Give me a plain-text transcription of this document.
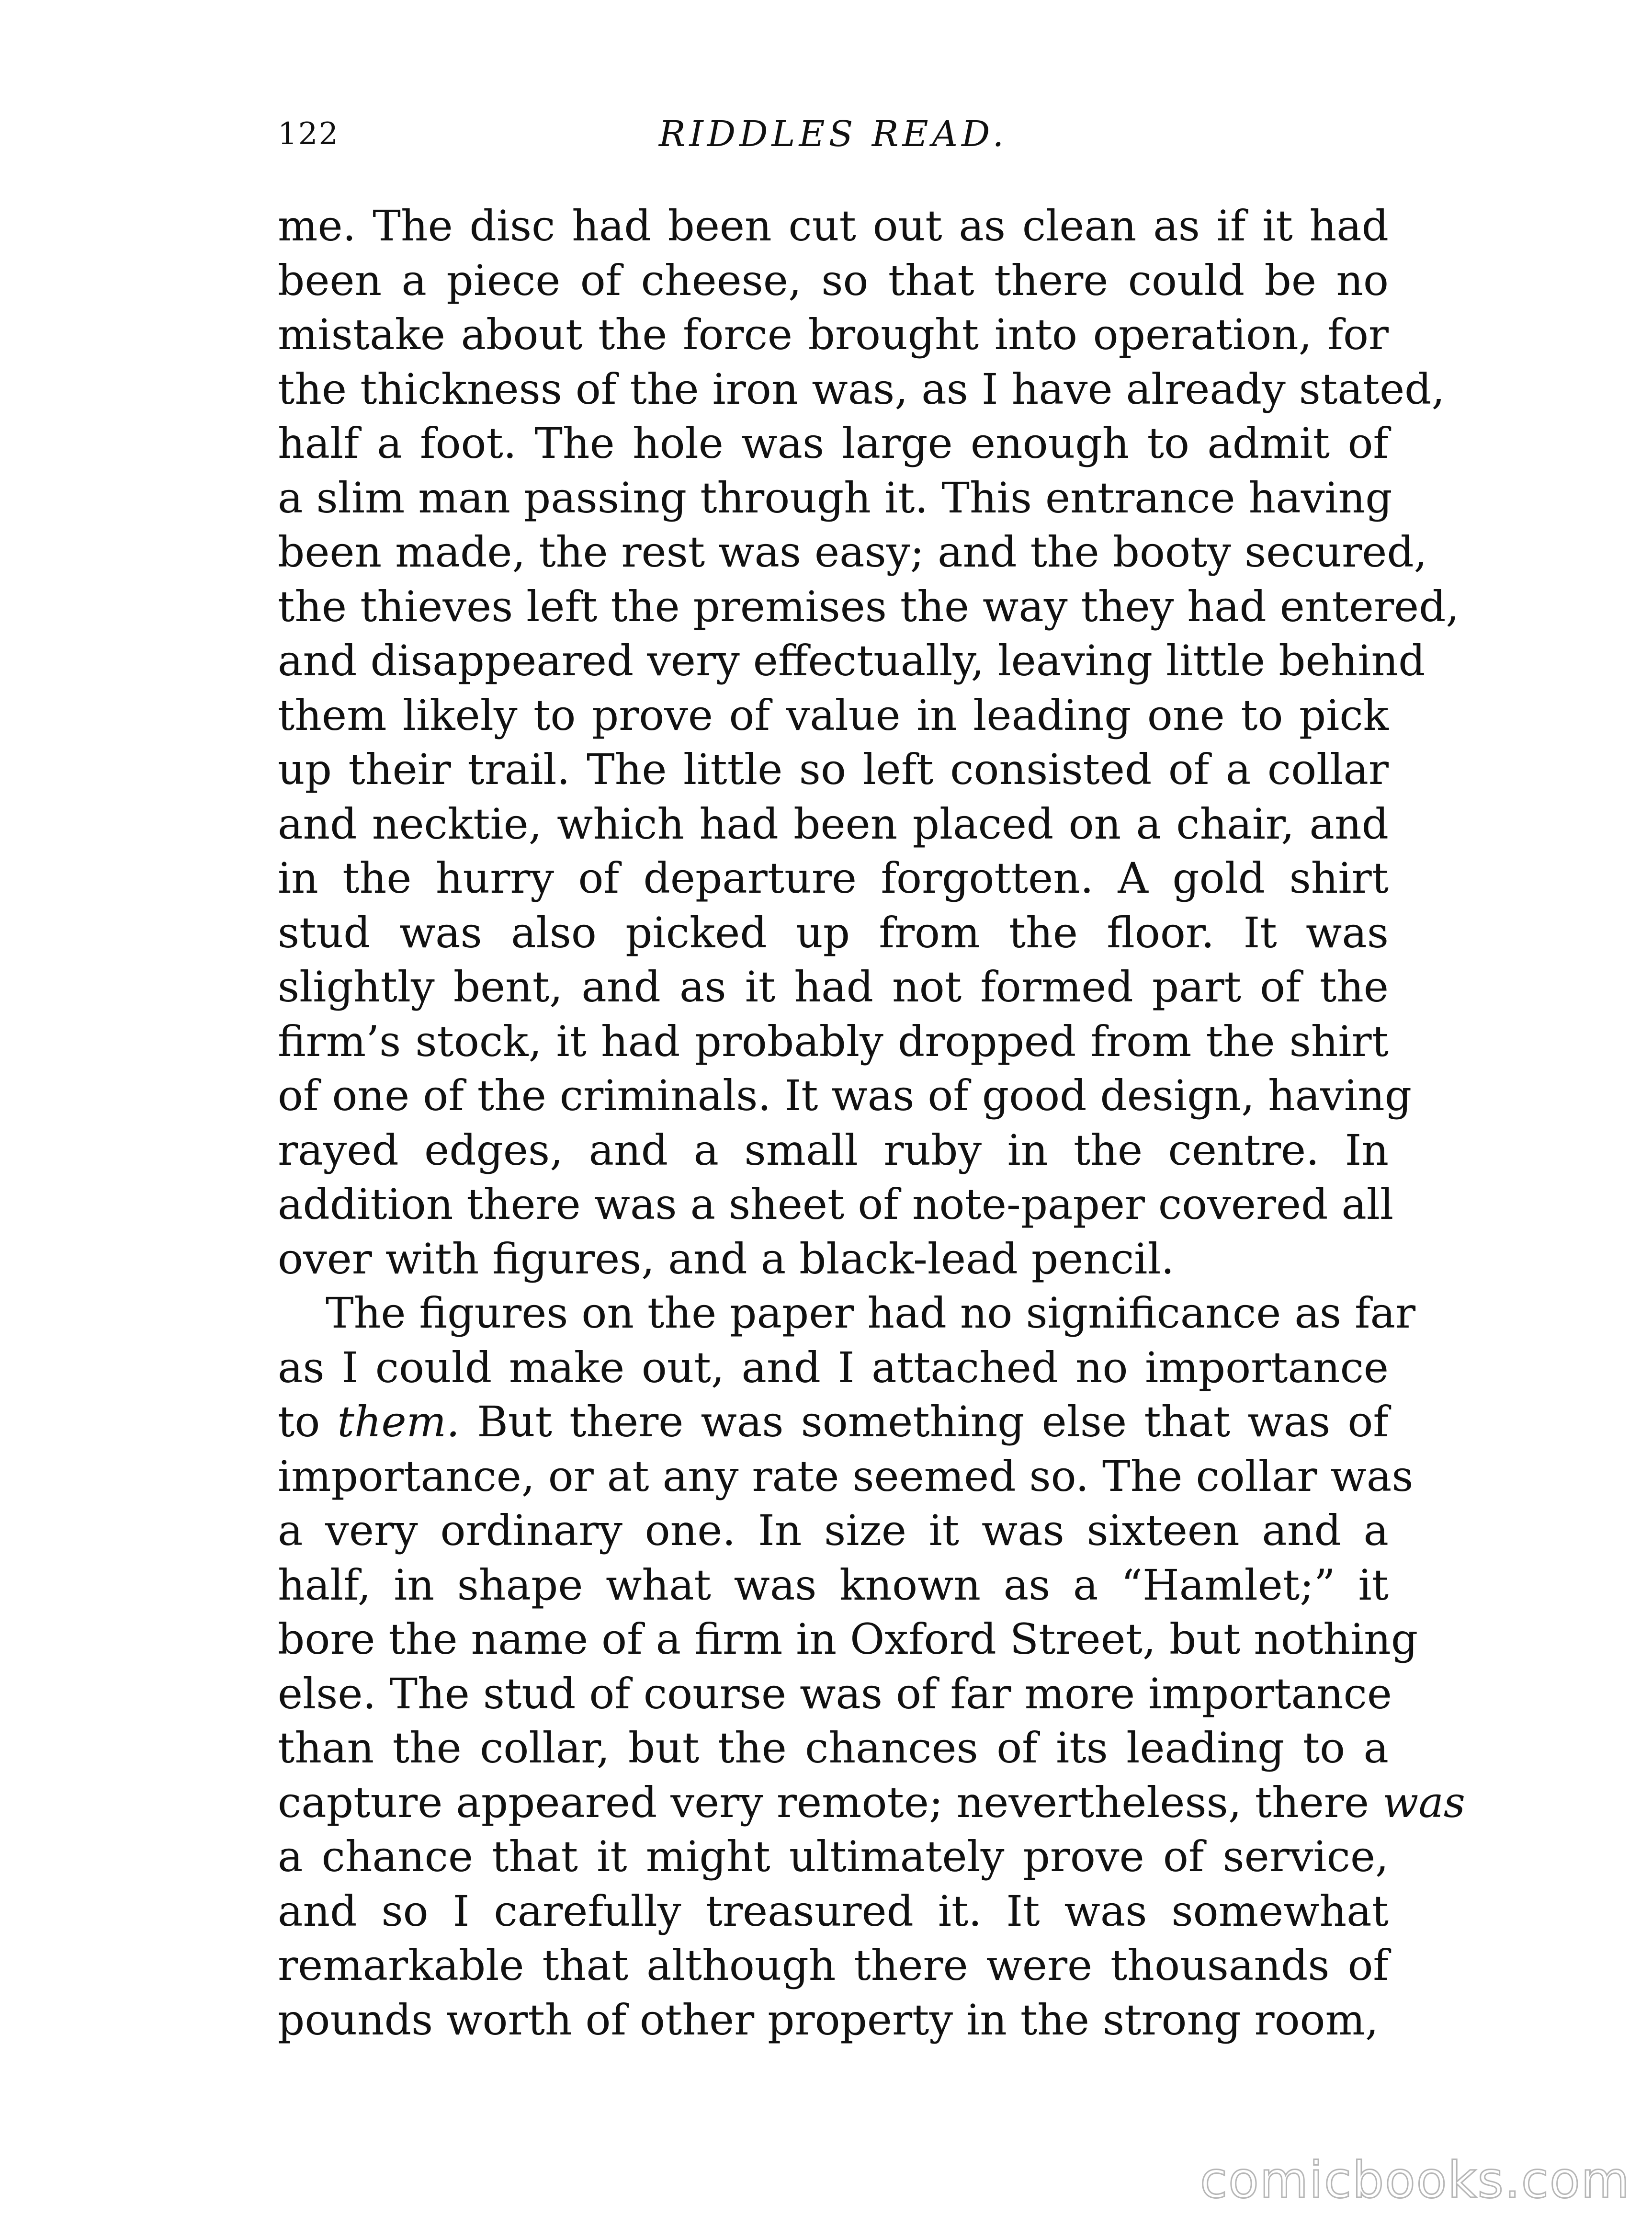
122	RIDDLES READ.
me. The disc had been cut out as clean as if it had
been a piece of cheese, so that there could be no
mistake about the force brought into operation, for
the thickness of the iron was, as I have already stated,
half a foot. The hole was large enough to admit of
a slim man passing through it. This entrance having
been made, the rest was easy; and the booty secured,
the thieves left the premises the way they had entered,
and disappeared very effectually, leaving little behind
them likely to prove of value in leading one to pick
up their trail. The little so left consisted of a collar
and necktie, which had been placed on a chair, and
in the hurry of departure forgotten. A gold shirt
stud was also picked up from the floor. It was
slightly bent, and as it had not formed part of the
firm’s stock, it had probably dropped from the shirt
of one of the criminals. It was of good design, having
rayed edges, and a small ruby in the centre. In
addition there was a sheet of note-paper covered all
over with figures, and a black-lead pencil.
The figures on the paper had no significance as far
as I could make out, and I attached no importance
to them. But there was something else that was of
importance, or at any rate seemed so. The collar was
a very ordinary one. In size it was sixteen and a
half, in shape what was known as a “Hamlet;” it
bore the name of a firm in Oxford Street, but nothing
else. The stud of course was of far more importance
than the collar, but the chances of its leading to a
capture appeared very remote; nevertheless, there was
a chance that it might ultimately prove of service,
and so I carefully treasured it. It was somewhat
remarkable that although there were thousands of
pounds worth of other property in the strong room,
comicbooks.com
